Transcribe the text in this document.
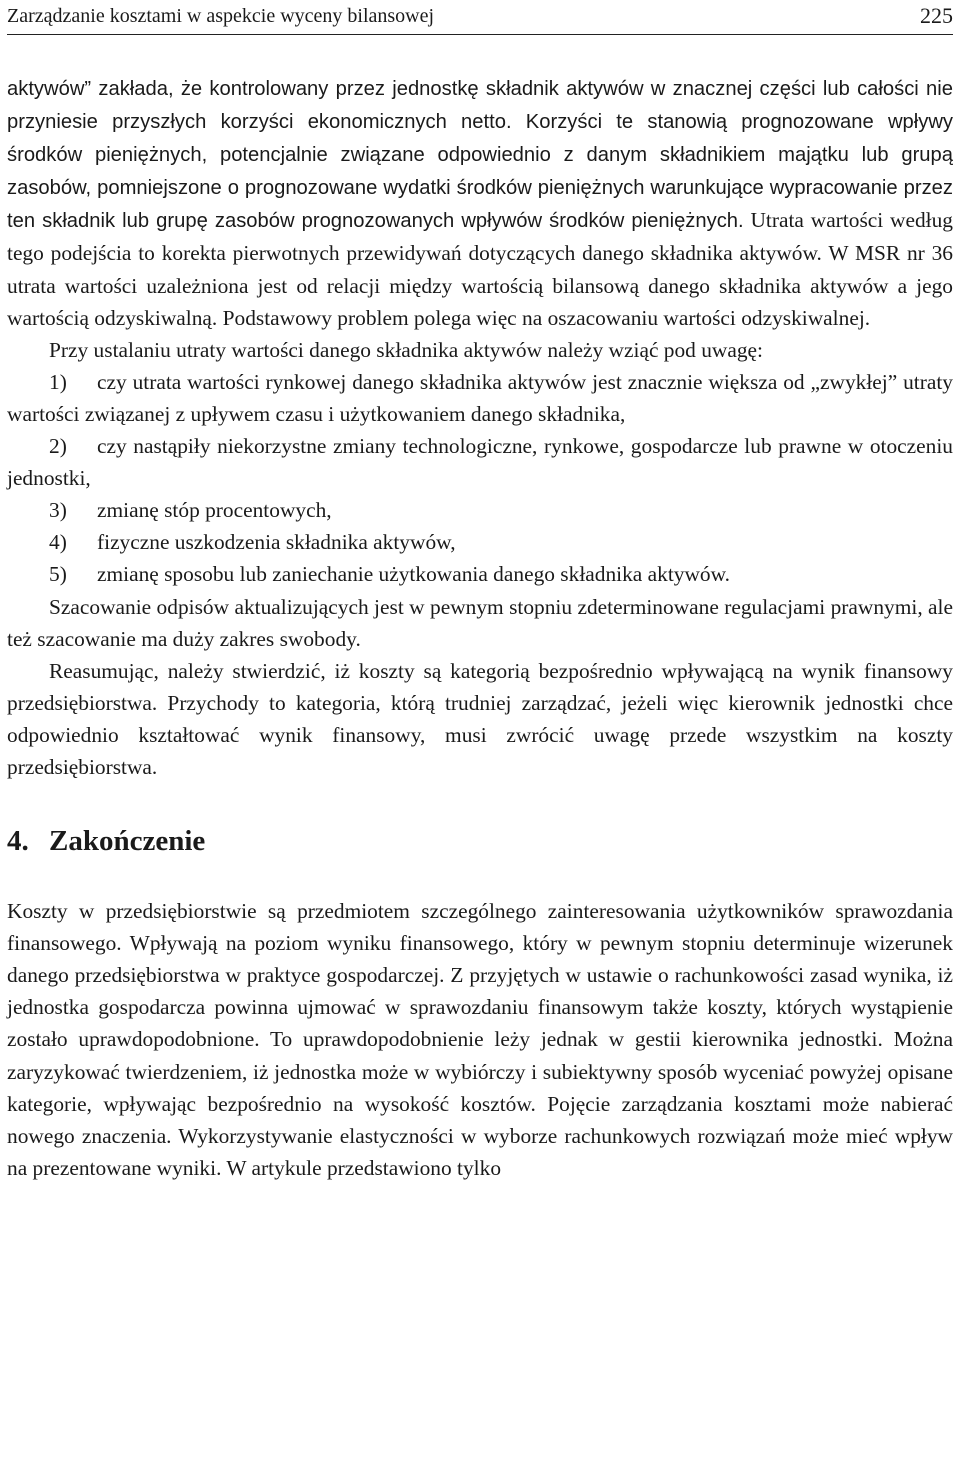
Zarządzanie kosztami w aspekcie wyceny bilansowej	225

aktywów” zakłada, że kontrolowany przez jednostkę składnik aktywów w znacznej części lub całości nie przyniesie przyszłych korzyści ekonomicznych netto. Korzyści te stanowią prognozowane wpływy środków pieniężnych, potencjalnie związane odpowiednio z danym składnikiem majątku lub grupą zasobów, pomniejszone o prognozowane wydatki środków pieniężnych warunkujące wypracowanie przez ten składnik lub grupę zasobów prognozowanych wpływów środków pieniężnych. Utrata wartości według tego podejścia to korekta pierwotnych przewidywań dotyczących danego składnika aktywów. W MSR nr 36 utrata wartości uzależniona jest od relacji między wartością bilansową danego składnika aktywów a jego wartością odzyskiwalną. Podstawowy problem polega więc na oszacowaniu wartości odzyskiwalnej.

Przy ustalaniu utraty wartości danego składnika aktywów należy wziąć pod uwagę:

1) czy utrata wartości rynkowej danego składnika aktywów jest znacznie większa od „zwykłej” utraty wartości związanej z upływem czasu i użytkowaniem danego składnika,

2) czy nastąpiły niekorzystne zmiany technologiczne, rynkowe, gospodarcze lub prawne w otoczeniu jednostki,

3) zmianę stóp procentowych,

4) fizyczne uszkodzenia składnika aktywów,

5) zmianę sposobu lub zaniechanie użytkowania danego składnika aktywów.

Szacowanie odpisów aktualizujących jest w pewnym stopniu zdeterminowane regulacjami prawnymi, ale też szacowanie ma duży zakres swobody.

Reasumując, należy stwierdzić, iż koszty są kategorią bezpośrednio wpływającą na wynik finansowy przedsiębiorstwa. Przychody to kategoria, którą trudniej zarządzać, jeżeli więc kierownik jednostki chce odpowiednio kształtować wynik finansowy, musi zwrócić uwagę przede wszystkim na koszty przedsiębiorstwa.

4. Zakończenie

Koszty w przedsiębiorstwie są przedmiotem szczególnego zainteresowania użytkowników sprawozdania finansowego. Wpływają na poziom wyniku finansowego, który w pewnym stopniu determinuje wizerunek danego przedsiębiorstwa w praktyce gospodarczej. Z przyjętych w ustawie o rachunkowości zasad wynika, iż jednostka gospodarcza powinna ujmować w sprawozdaniu finansowym także koszty, których wystąpienie zostało uprawdopodobnione. To uprawdopodobnienie leży jednak w gestii kierownika jednostki. Można zaryzykować twierdzeniem, iż jednostka może w wybiórczy i subiektywny sposób wyceniać powyżej opisane kategorie, wpływając bezpośrednio na wysokość kosztów. Pojęcie zarządzania kosztami może nabierać nowego znaczenia. Wykorzystywanie elastyczności w wyborze rachunkowych rozwiązań może mieć wpływ na prezentowane wyniki. W artykule przedstawiono tylko
